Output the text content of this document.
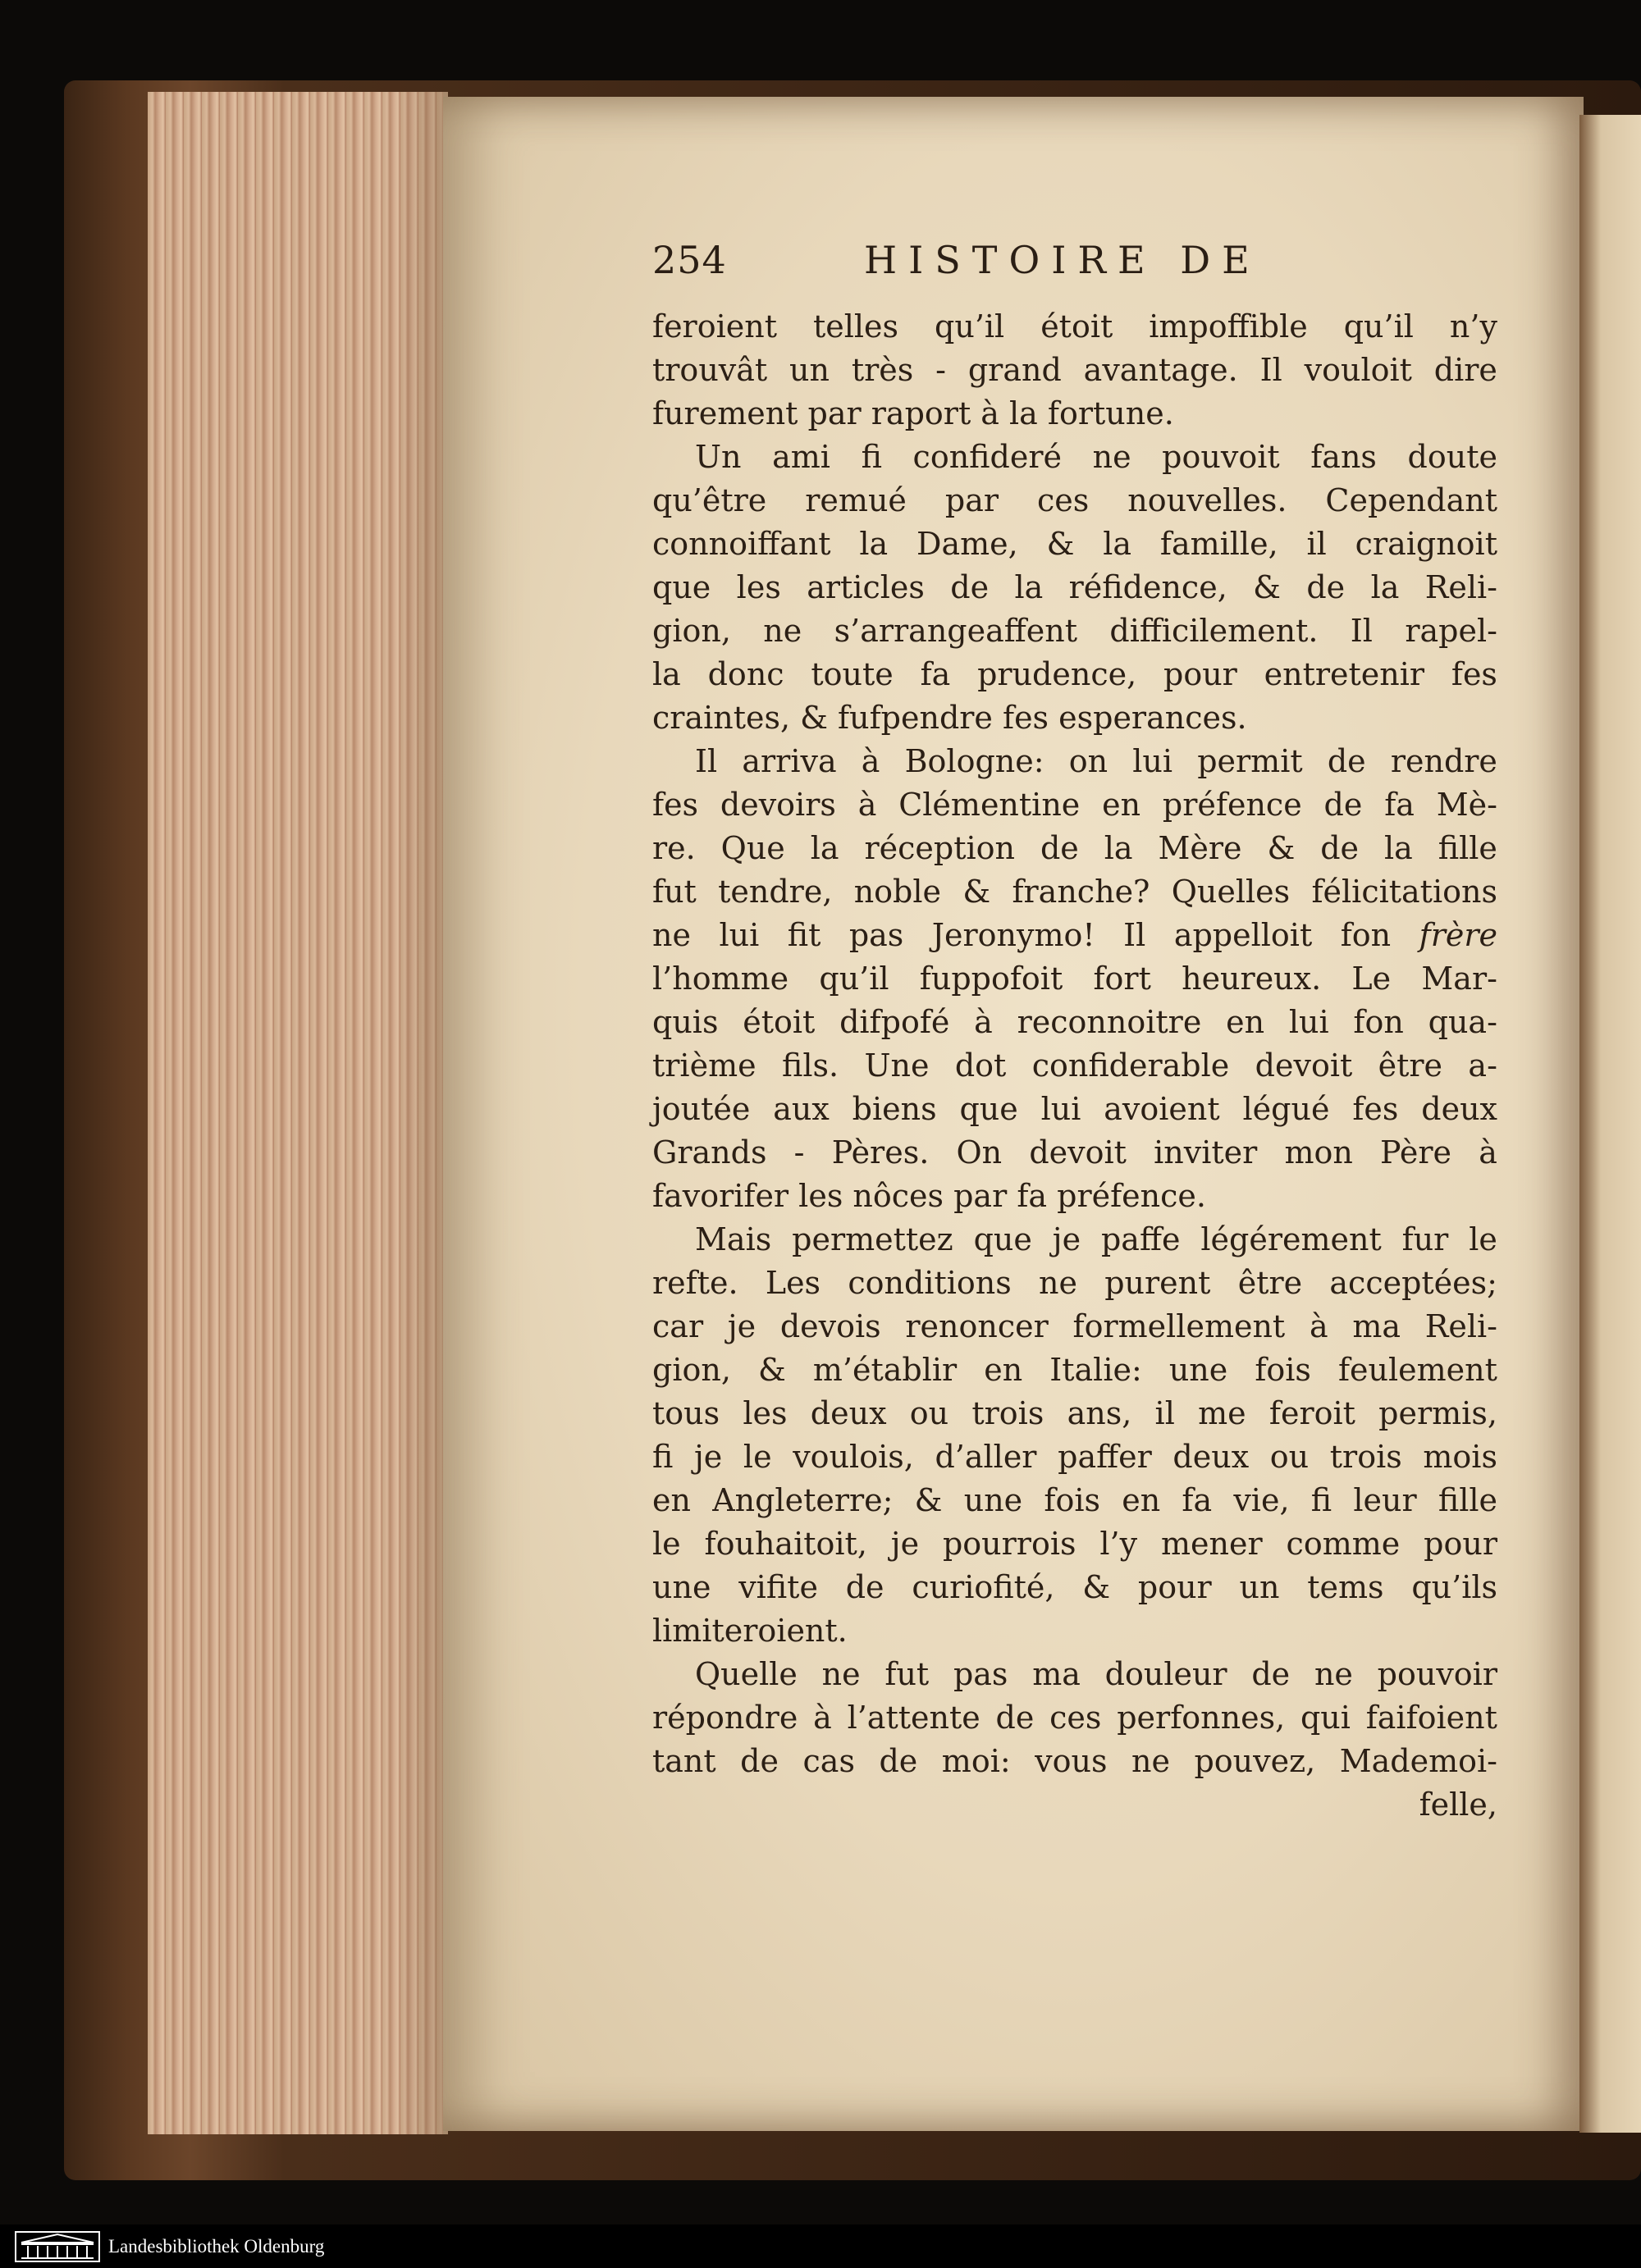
254	HISTOIRE DE
feroient telles qu’il étoit impoffible qu’il n’y
trouvât un très - grand avantage. Il vouloit dire
furement par raport à la fortune.
Un ami fi confideré ne pouvoit fans doute
qu’être remué par ces nouvelles. Cependant
connoiffant la Dame, & la famille, il craignoit
que les articles de la réfidence, & de la Reli-
gion, ne s’arrangeaffent difficilement. Il rapel-
la donc toute fa prudence, pour entretenir fes
craintes, & fufpendre fes esperances.
Il arriva à Bologne: on lui permit de rendre
fes devoirs à Clémentine en préfence de fa Mè-
re. Que la réception de la Mère & de la fille
fut tendre, noble & franche? Quelles félicitations
ne lui fit pas Jeronymo! Il appelloit fon frère
l’homme qu’il fuppofoit fort heureux. Le Mar-
quis étoit difpofé à reconnoitre en lui fon qua-
trième fils. Une dot confiderable devoit être a-
joutée aux biens que lui avoient légué fes deux
Grands - Pères. On devoit inviter mon Père à
favorifer les nôces par fa préfence.
Mais permettez que je paffe légérement fur le
refte. Les conditions ne purent être acceptées;
car je devois renoncer formellement à ma Reli-
gion, & m’établir en Italie: une fois feulement
tous les deux ou trois ans, il me feroit permis,
fi je le voulois, d’aller paffer deux ou trois mois
en Angleterre; & une fois en fa vie, fi leur fille
le fouhaitoit, je pourrois l’y mener comme pour
une vifite de curiofité, & pour un tems qu’ils
limiteroient.
Quelle ne fut pas ma douleur de ne pouvoir
répondre à l’attente de ces perfonnes, qui faifoient
tant de cas de moi: vous ne pouvez, Mademoi-
felle,
Landesbibliothek Oldenburg
